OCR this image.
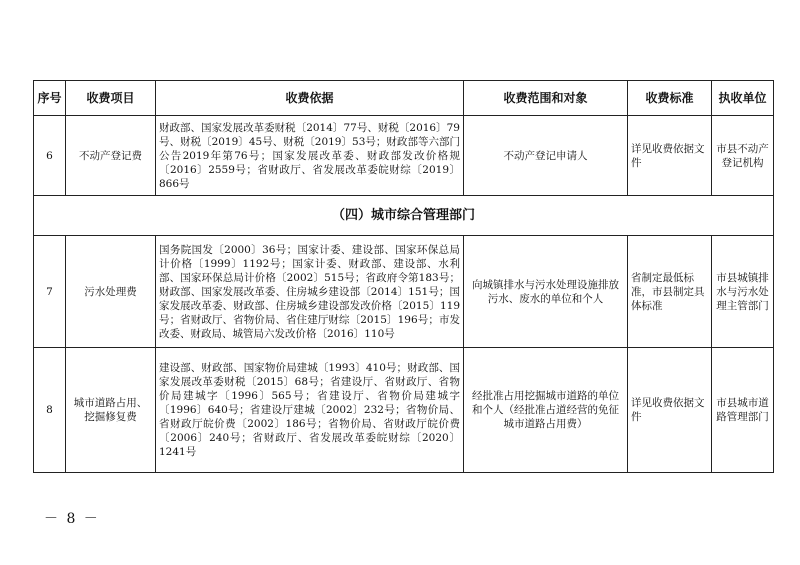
序号	收费项目	收费依据	收费范围和对象	收费标准	执收单位
6	不动产登记费	财政部、国家发展改革委财税〔2014〕77号、财税〔2016〕79号、财税〔2019〕45号、财税〔2019〕53号；财政部等六部门公告2019年第76号；国家发展改革委、财政部发改价格规〔2016〕2559号；省财政厅、省发展改革委皖财综〔2019〕866号	不动产登记申请人	详见收费依据文件	市县不动产登记机构
（四）城市综合管理部门					
7	污水处理费	国务院国发〔2000〕36号；国家计委、建设部、国家环保总局计价格〔1999〕1192号；国家计委、财政部、建设部、水利部、国家环保总局计价格〔2002〕515号；省政府令第183号；财政部、国家发展改革委、住房城乡建设部〔2014〕151号；国家发展改革委、财政部、住房城乡建设部发改价格〔2015〕119号；省财政厅、省物价局、省住建厅财综〔2015〕196号；市发改委、财政局、城管局六发改价格〔2016〕110号	向城镇排水与污水处理设施排放污水、废水的单位和个人	省制定最低标准，市县制定具体标准	市县城镇排水与污水处理主管部门
8	城市道路占用、挖掘修复费	建设部、财政部、国家物价局建城〔1993〕410号；财政部、国家发展改革委财税〔2015〕68号；省建设厅、省财政厅、省物价局建城字〔1996〕565号；省建设厅、省物价局建城字〔1996〕640号；省建设厅建城〔2002〕232号；省物价局、省财政厅皖价费〔2002〕186号；省物价局、省财政厅皖价费〔2006〕240号；省财政厅、省发展改革委皖财综〔2020〕1241号	经批准占用挖掘城市道路的单位和个人（经批准占道经营的免征城市道路占用费）	详见收费依据文件	市县城市道路管理部门
－ 8 －
